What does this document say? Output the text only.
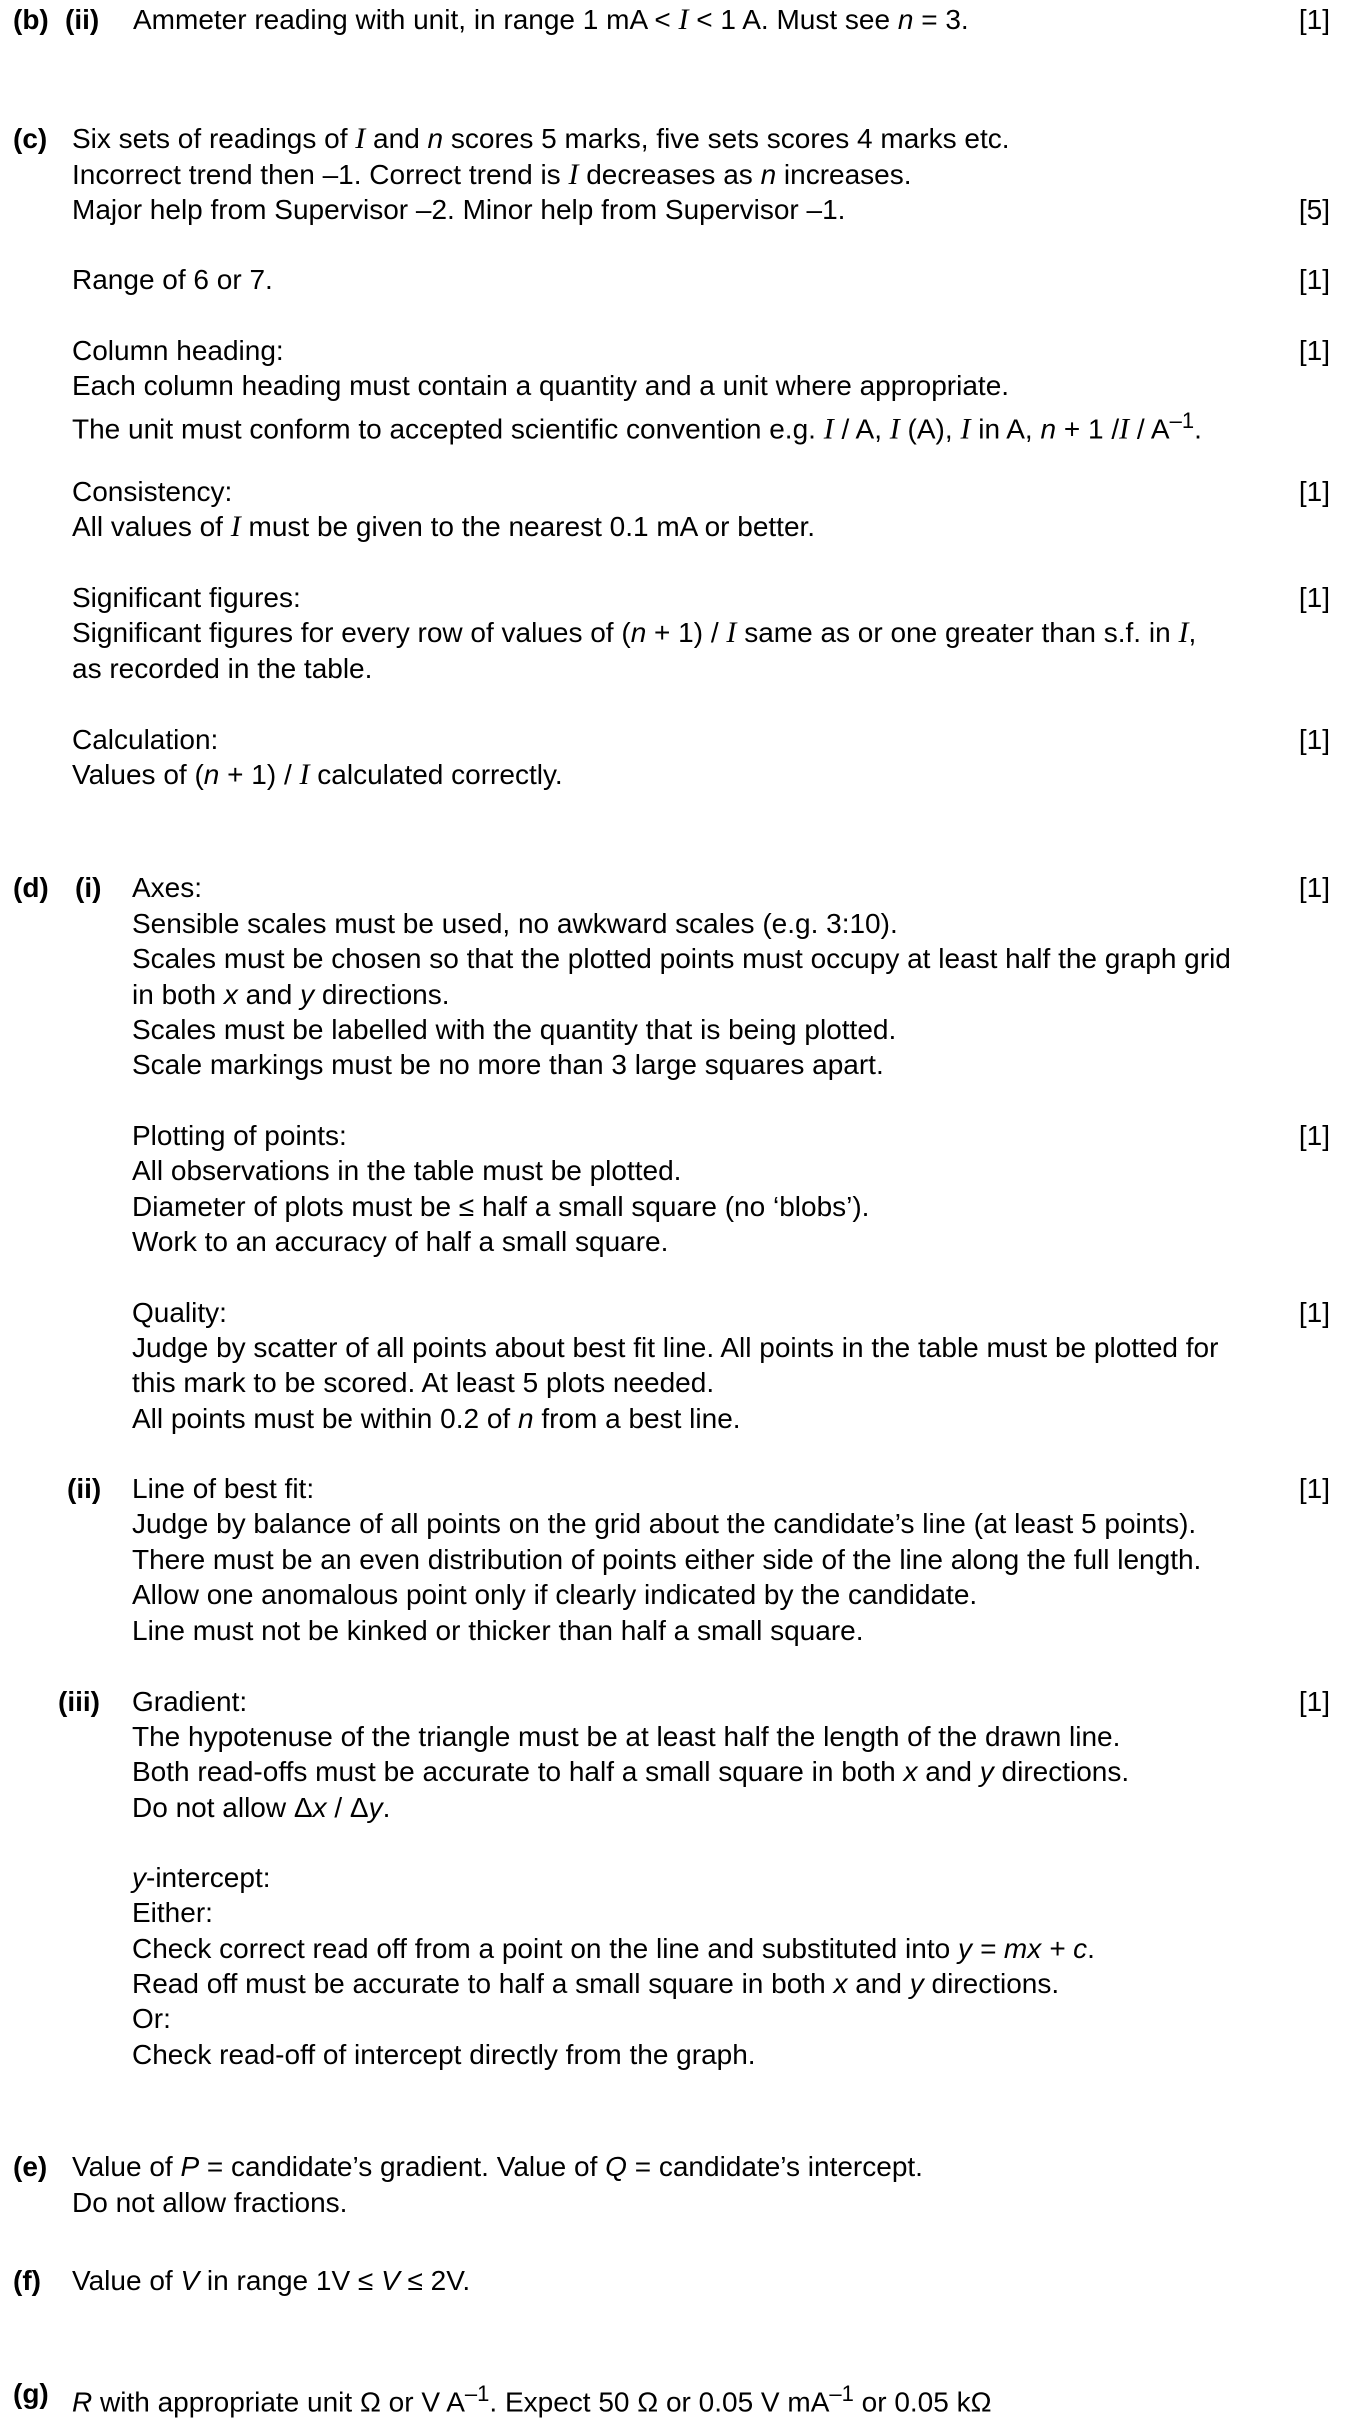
(b) (ii) Ammeter reading with unit, in range 1 mA < I < 1 A. Must see n = 3.	[1]
(c) Six sets of readings of I and n scores 5 marks, five sets scores 4 marks etc.
Incorrect trend then –1. Correct trend is I decreases as n increases.
Major help from Supervisor –2. Minor help from Supervisor –1.	[5]
Range of 6 or 7.	[1]
Column heading:	[1]
Each column heading must contain a quantity and a unit where appropriate.
The unit must conform to accepted scientific convention e.g. I / A, I (A), I in A, n + 1 $/I / A^{-1}$.
Consistency:	[1]
All values of I must be given to the nearest 0.1 mA or better.
Significant figures:	[1]
Significant figures for every row of values of (n + 1) / I same as or one greater than s.f. in I,
as recorded in the table.
Calculation:	[1]
Values of (n + 1) / I calculated correctly.
(d) (i) Axes:	[1]
Sensible scales must be used, no awkward scales (e.g. 3:10).
Scales must be chosen so that the plotted points must occupy at least half the graph grid
in both x and y directions.
Scales must be labelled with the quantity that is being plotted.
Scale markings must be no more than 3 large squares apart.
Plotting of points:	[1]
All observations in the table must be plotted.
Diameter of plots must be ≤ half a small square (no ‘blobs’).
Work to an accuracy of half a small square.
Quality:	[1]
Judge by scatter of all points about best fit line. All points in the table must be plotted for
this mark to be scored. At least 5 plots needed.
All points must be within 0.2 of n from a best line.
(ii) Line of best fit:	[1]
Judge by balance of all points on the grid about the candidate’s line (at least 5 points).
There must be an even distribution of points either side of the line along the full length.
Allow one anomalous point only if clearly indicated by the candidate.
Line must not be kinked or thicker than half a small square.
(iii) Gradient:	[1]
The hypotenuse of the triangle must be at least half the length of the drawn line.
Both read-offs must be accurate to half a small square in both x and y directions.
Do not allow Δx / Δy.
y-intercept:
Either:
Check correct read off from a point on the line and substituted into y = mx + c.
Read off must be accurate to half a small square in both x and y directions.
Or:
Check read-off of intercept directly from the graph.
(e) Value of P = candidate’s gradient. Value of Q = candidate’s intercept.
Do not allow fractions.
(f) Value of V in range 1V ≤ V ≤ 2V.
(g) R with appropriate unit Ω or V $A^{-1}$. Expect 50 Ω or 0.05 V $mA^{-1}$ or 0.05 kΩ
